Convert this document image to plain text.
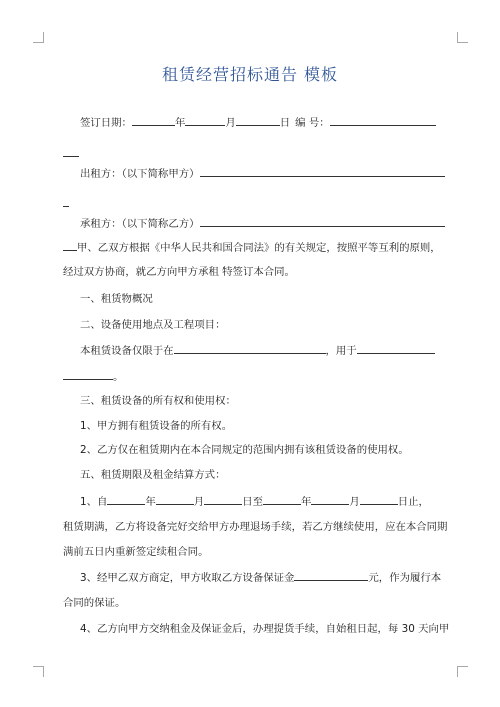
租赁经营招标通告 模板
签订日期：	年	月	日 编 号：
出租方：（以下简称甲方）
承租方：（以下简称乙方）
甲、乙双方根据《中华人民共和国合同法》的有关规定，按照平等互利的原则，
经过双方协商，就乙方向甲方承租 特签订本合同。
一、租赁物概况
二、设备使用地点及工程项目：
本租赁设备仅限于在	，用于
。
三、租赁设备的所有权和使用权：
1、甲方拥有租赁设备的所有权。
2、乙方仅在租赁期内在本合同规定的范围内拥有该租赁设备的使用权。
五、租赁期限及租金结算方式：
1、自	年	月	日至	年	月	日止，
租赁期满，乙方将设备完好交给甲方办理退场手续，若乙方继续使用，应在本合同期
满前五日内重新签定续租合同。
3、经甲乙双方商定，甲方收取乙方设备保证金	元，作为履行本
合同的保证。
4、乙方向甲方交纳租金及保证金后，办理提货手续，自始租日起，每 30 天向甲
